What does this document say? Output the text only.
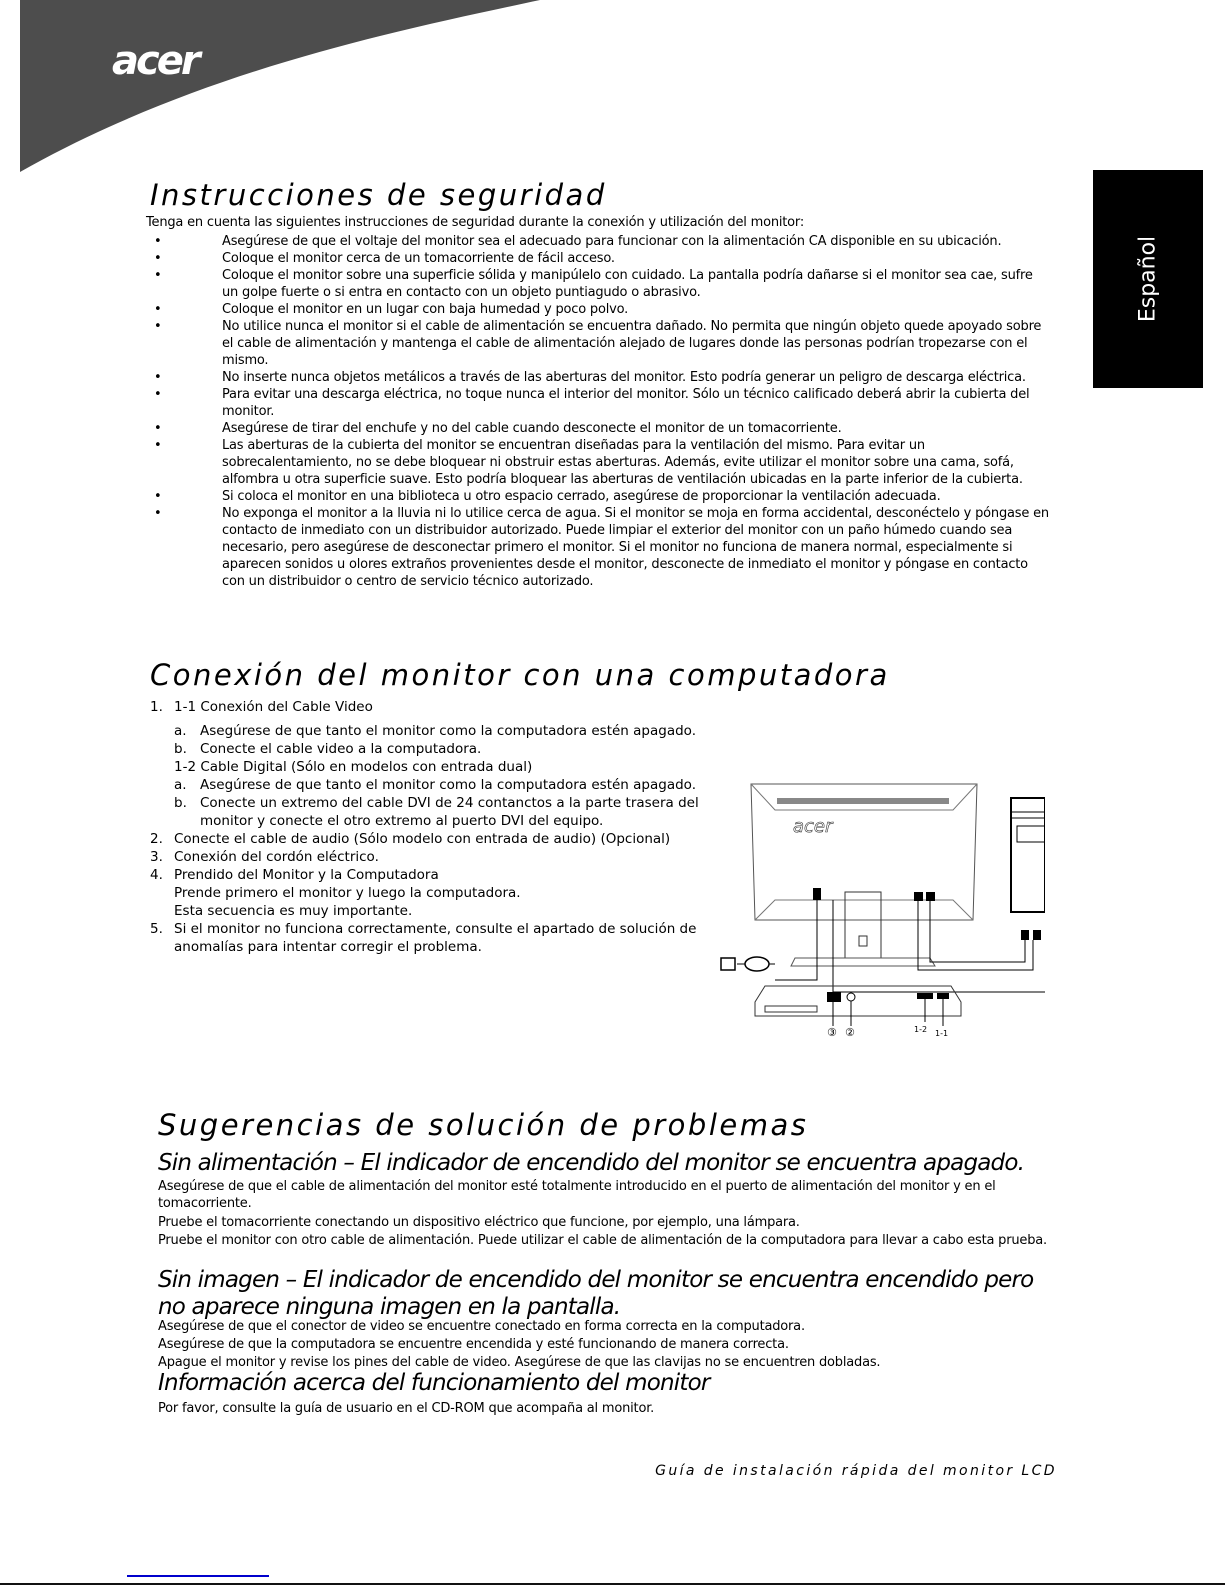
acer
Español
Instrucciones de seguridad
Tenga en cuenta las siguientes instrucciones de seguridad durante la conexión y utilización del monitor:
• Asegúrese de que el voltaje del monitor sea el adecuado para funcionar con la alimentación CA disponible en su ubicación.
• Coloque el monitor cerca de un tomacorriente de fácil acceso.
• Coloque el monitor sobre una superficie sólida y manipúlelo con cuidado. La pantalla podría dañarse si el monitor sea cae, sufre un golpe fuerte o si entra en contacto con un objeto puntiagudo o abrasivo.
• Coloque el monitor en un lugar con baja humedad y poco polvo.
• No utilice nunca el monitor si el cable de alimentación se encuentra dañado. No permita que ningún objeto quede apoyado sobre el cable de alimentación y mantenga el cable de alimentación alejado de lugares donde las personas podrían tropezarse con el mismo.
• No inserte nunca objetos metálicos a través de las aberturas del monitor. Esto podría generar un peligro de descarga eléctrica.
• Para evitar una descarga eléctrica, no toque nunca el interior del monitor. Sólo un técnico calificado deberá abrir la cubierta del monitor.
• Asegúrese de tirar del enchufe y no del cable cuando desconecte el monitor de un tomacorriente.
• Las aberturas de la cubierta del monitor se encuentran diseñadas para la ventilación del mismo. Para evitar un sobrecalentamiento, no se debe bloquear ni obstruir estas aberturas. Además, evite utilizar el monitor sobre una cama, sofá, alfombra u otra superficie suave. Esto podría bloquear las aberturas de ventilación ubicadas en la parte inferior de la cubierta.
• Si coloca el monitor en una biblioteca u otro espacio cerrado, asegúrese de proporcionar la ventilación adecuada.
• No exponga el monitor a la lluvia ni lo utilice cerca de agua. Si el monitor se moja en forma accidental, desconéctelo y póngase en contacto de inmediato con un distribuidor autorizado. Puede limpiar el exterior del monitor con un paño húmedo cuando sea necesario, pero asegúrese de desconectar primero el monitor. Si el monitor no funciona de manera normal, especialmente si aparecen sonidos u olores extraños provenientes desde el monitor, desconecte de inmediato el monitor y póngase en contacto con un distribuidor o centro de servicio técnico autorizado.
Conexión del monitor con una computadora
1. 1-1 Conexión del Cable Video
a. Asegúrese de que tanto el monitor como la computadora estén apagado.
b. Conecte el cable video a la computadora.
1-2 Cable Digital (Sólo en modelos con entrada dual)
a. Asegúrese de que tanto el monitor como la computadora estén apagado.
b. Conecte un extremo del cable DVI de 24 contanctos a la parte trasera del monitor y conecte el otro extremo al puerto DVI del equipo.
2. Conecte el cable de audio (Sólo modelo con entrada de audio) (Opcional)
3. Conexión del cordón eléctrico.
4. Prendido del Monitor y la Computadora
Prende primero el monitor y luego la computadora.
Esta secuencia es muy importante.
5. Si el monitor no funciona correctamente, consulte el apartado de solución de anomalías para intentar corregir el problema.
acer
③ ②	1-2 1-1
Sugerencias de solución de problemas
Sin alimentación – El indicador de encendido del monitor se encuentra apagado.
Asegúrese de que el cable de alimentación del monitor esté totalmente introducido en el puerto de alimentación del monitor y en el tomacorriente.
Pruebe el tomacorriente conectando un dispositivo eléctrico que funcione, por ejemplo, una lámpara.
Pruebe el monitor con otro cable de alimentación. Puede utilizar el cable de alimentación de la computadora para llevar a cabo esta prueba.
Sin imagen – El indicador de encendido del monitor se encuentra encendido pero no aparece ninguna imagen en la pantalla.
Asegúrese de que el conector de video se encuentre conectado en forma correcta en la computadora.
Asegúrese de que la computadora se encuentre encendida y esté funcionando de manera correcta.
Apague el monitor y revise los pines del cable de video. Asegúrese de que las clavijas no se encuentren dobladas.
Información acerca del funcionamiento del monitor
Por favor, consulte la guía de usuario en el CD-ROM que acompaña al monitor.
Guía de instalación rápida del monitor LCD
